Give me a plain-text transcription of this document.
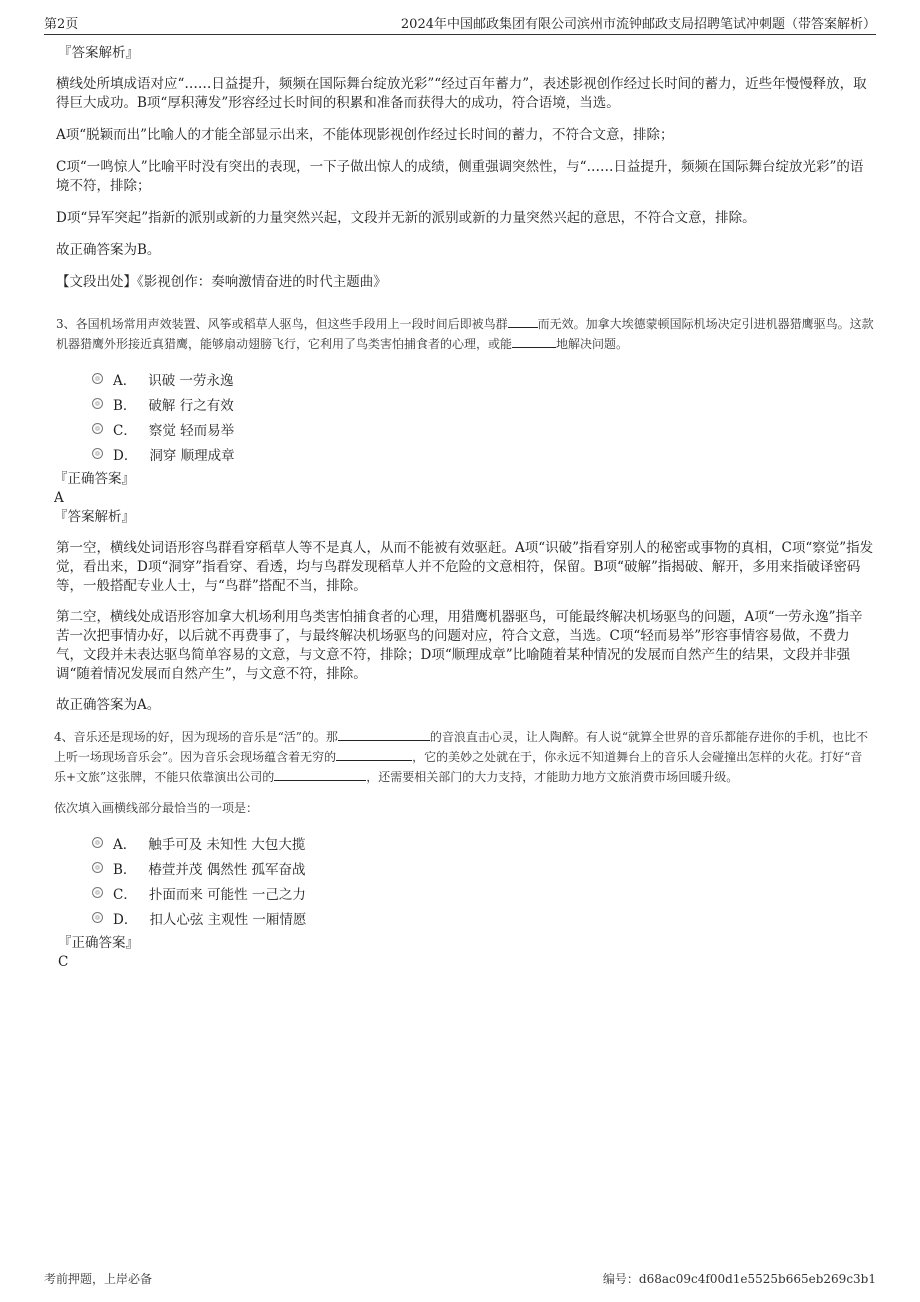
第2页	2024年中国邮政集团有限公司滨州市流钟邮政支局招聘笔试冲刺题（带答案解析）

『答案解析』

横线处所填成语对应“……日益提升，频频在国际舞台绽放光彩”“经过百年蓄力”，表述影视创作经过长时间的蓄力，近些年慢慢释放，取得巨大成功。B项“厚积薄发”形容经过长时间的积累和准备而获得大的成功，符合语境，当选。

A项“脱颖而出”比喻人的才能全部显示出来，不能体现影视创作经过长时间的蓄力，不符合文意，排除；

C项“一鸣惊人”比喻平时没有突出的表现，一下子做出惊人的成绩，侧重强调突然性，与“……日益提升，频频在国际舞台绽放光彩”的语境不符，排除；

D项“异军突起”指新的派别或新的力量突然兴起，文段并无新的派别或新的力量突然兴起的意思，不符合文意，排除。

故正确答案为B。

【文段出处】《影视创作：奏响激情奋进的时代主题曲》

3、各国机场常用声效装置、风筝或稻草人驱鸟，但这些手段用上一段时间后即被鸟群	而无效。加拿大埃德蒙顿国际机场决定引进机器猎鹰驱鸟。这款机器猎鹰外形接近真猎鹰，能够扇动翅膀飞行，它利用了鸟类害怕捕食者的心理，或能	地解决问题。

A． 识破 一劳永逸
B． 破解 行之有效
C． 察觉 轻而易举
D． 洞穿 顺理成章

『正确答案』

A

『答案解析』

第一空，横线处词语形容鸟群看穿稻草人等不是真人，从而不能被有效驱赶。A项“识破”指看穿别人的秘密或事物的真相，C项“察觉”指发觉，看出来，D项“洞穿”指看穿、看透，均与鸟群发现稻草人并不危险的文意相符，保留。B项“破解”指揭破、解开，多用来指破译密码等，一般搭配专业人士，与“鸟群”搭配不当，排除。

第二空，横线处成语形容加拿大机场利用鸟类害怕捕食者的心理，用猎鹰机器驱鸟，可能最终解决机场驱鸟的问题，A项“一劳永逸”指辛苦一次把事情办好，以后就不再费事了，与最终解决机场驱鸟的问题对应，符合文意，当选。C项“轻而易举”形容事情容易做，不费力气，文段并未表达驱鸟简单容易的文意，与文意不符，排除；D项“顺理成章”比喻随着某种情况的发展而自然产生的结果，文段并非强调“随着情况发展而自然产生”，与文意不符，排除。

故正确答案为A。

4、音乐还是现场的好，因为现场的音乐是“活”的。那	的音浪直击心灵，让人陶醉。有人说“就算全世界的音乐都能存进你的手机，也比不上听一场现场音乐会”。因为音乐会现场蕴含着无穷的	，它的美妙之处就在于，你永远不知道舞台上的音乐人会碰撞出怎样的火花。打好“音乐+文旅”这张牌，不能只依靠演出公司的	，还需要相关部门的大力支持，才能助力地方文旅消费市场回暖升级。

依次填入画横线部分最恰当的一项是：

A． 触手可及 未知性 大包大揽
B． 椿萱并茂 偶然性 孤军奋战
C． 扑面而来 可能性 一己之力
D． 扣人心弦 主观性 一厢情愿

『正确答案』

C

考前押题，上岸必备	编号：d68ac09c4f00d1e5525b665eb269c3b1
